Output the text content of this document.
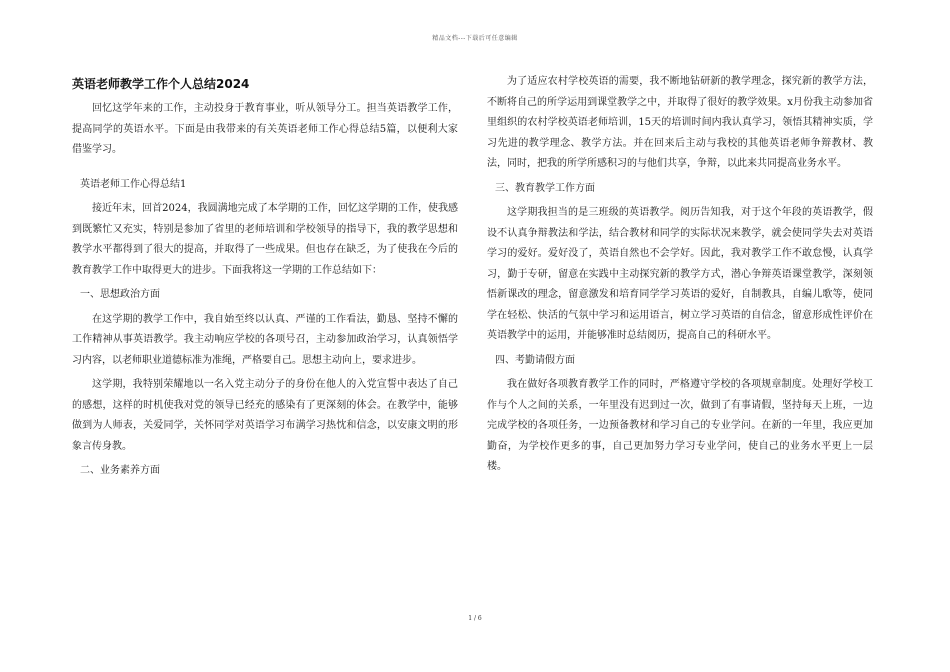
精品文档---下载后可任意编辑
英语老师教学工作个人总结2024

回忆这学年来的工作，主动投身于教育事业，听从领导分工。担当英语教学工作，提高同学的英语水平。下面是由我带来的有关英语老师工作心得总结5篇，以便利大家借鉴学习。

英语老师工作心得总结1

接近年末，回首2024，我圆满地完成了本学期的工作，回忆这学期的工作，使我感到既繁忙又充实，特别是参加了省里的老师培训和学校领导的指导下，我的教学思想和教学水平都得到了很大的提高，并取得了一些成果。但也存在缺乏，为了使我在今后的教育教学工作中取得更大的进步。下面我将这一学期的工作总结如下：

一、思想政治方面

在这学期的教学工作中，我自始至终以认真、严谨的工作看法，勤恳、坚持不懈的工作精神从事英语教学。我主动响应学校的各项号召，主动参加政治学习，认真领悟学习内容，以老师职业道德标准为准绳，严格要自己。思想主动向上，要求进步。

这学期，我特别荣耀地以一名入党主动分子的身份在他人的入党宣誓中表达了自己的感想，这样的时机使我对党的领导已经充的感染有了更深刻的体会。在教学中，能够做到为人师表，关爱同学，关怀同学对英语学习布满学习热忱和信念，以安康文明的形象言传身教。

二、业务素养方面

为了适应农村学校英语的需要，我不断地钻研新的教学理念，探究新的教学方法，不断将自己的所学运用到课堂教学之中，并取得了很好的教学效果。x月份我主动参加省里组织的农村学校英语老师培训，15天的培训时间内我认真学习，领悟其精神实质，学习先进的教学理念、教学方法。并在回来后主动与我校的其他英语老师争辩教材、教法，同时，把我的所学所感积习的与他们共享，争辩，以此来共同提高业务水平。

三、教育教学工作方面

这学期我担当的是三班级的英语教学。阅历告知我，对于这个年段的英语教学，假设不认真争辩教法和学法，结合教材和同学的实际状况来教学，就会使同学失去对英语学习的爱好。爱好没了，英语自然也不会学好。因此，我对教学工作不敢怠慢，认真学习，勤于专研，留意在实践中主动探究新的教学方式，潜心争辩英语课堂教学，深刻领悟新课改的理念，留意激发和培育同学学习英语的爱好，自制教具，自编儿歌等，使同学在轻松、快活的气氛中学习和运用语言，树立学习英语的自信念，留意形成性评价在英语教学中的运用，并能够准时总结阅历，提高自己的科研水平。

四、考勤请假方面

我在做好各项教育教学工作的同时，严格遵守学校的各项规章制度。处理好学校工作与个人之间的关系，一年里没有迟到过一次，做到了有事请假，坚持每天上班，一边完成学校的各项任务，一边预备教材和学习自己的专业学问。在新的一年里，我应更加勤奋，为学校作更多的事，自己更加努力学习专业学问，使自己的业务水平更上一层楼。

1 / 6
